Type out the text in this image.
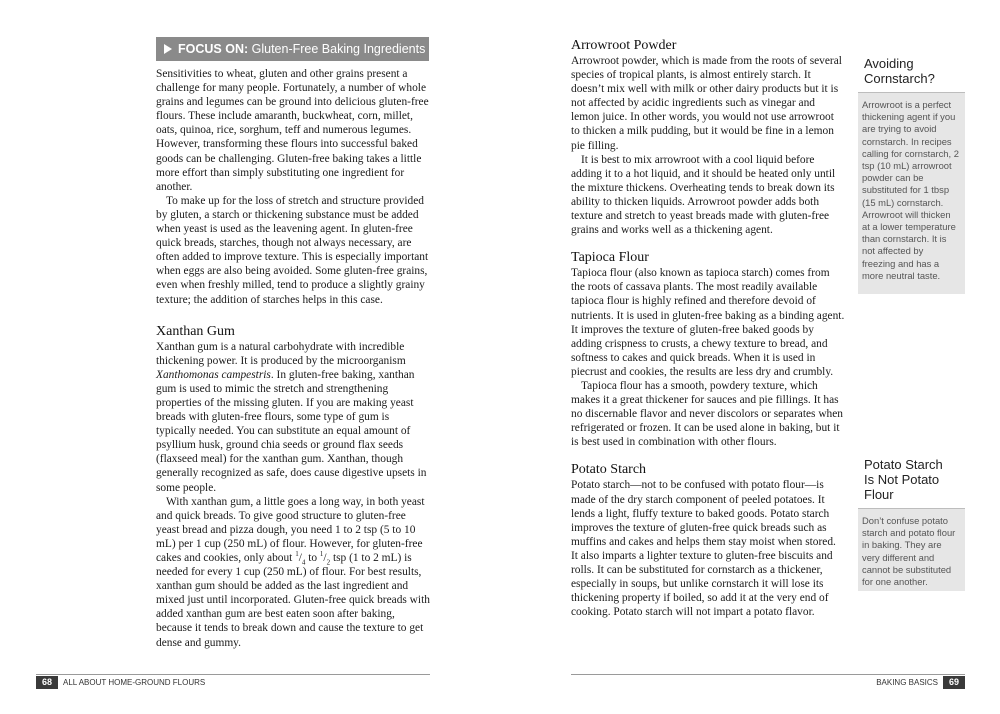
FOCUS ON: Gluten-Free Baking Ingredients

Sensitivities to wheat, gluten and other grains present a challenge for many people. Fortunately, a number of whole grains and legumes can be ground into delicious gluten-free flours. These include amaranth, buckwheat, corn, millet, oats, quinoa, rice, sorghum, teff and numerous legumes. However, transforming these flours into successful baked goods can be challenging. Gluten-free baking takes a little more effort than simply substituting one ingredient for another.

To make up for the loss of stretch and structure provided by gluten, a starch or thickening substance must be added when yeast is used as the leavening agent. In gluten-free quick breads, starches, though not always necessary, are often added to improve texture. This is especially important when eggs are also being avoided. Some gluten-free grains, even when freshly milled, tend to produce a slightly grainy texture; the addition of starches helps in this case.

Xanthan Gum

Xanthan gum is a natural carbohydrate with incredible thickening power. It is produced by the microorganism Xanthomonas campestris. In gluten-free baking, xanthan gum is used to mimic the stretch and strengthening properties of the missing gluten. If you are making yeast breads with gluten-free flours, some type of gum is typically needed. You can substitute an equal amount of psyllium husk, ground chia seeds or ground flax seeds (flaxseed meal) for the xanthan gum. Xanthan, though generally recognized as safe, does cause digestive upsets in some people.

With xanthan gum, a little goes a long way, in both yeast and quick breads. To give good structure to gluten-free yeast bread and pizza dough, you need 1 to 2 tsp (5 to 10 mL) per 1 cup (250 mL) of flour. However, for gluten-free cakes and cookies, only about $^1/_4$ to $^1/_2$ tsp (1 to 2 mL) is needed for every 1 cup (250 mL) of flour. For best results, xanthan gum should be added as the last ingredient and mixed just until incorporated. Gluten-free quick breads with added xanthan gum are best eaten soon after baking, because it tends to break down and cause the texture to get dense and gummy.

Arrowroot Powder

Arrowroot powder, which is made from the roots of several species of tropical plants, is almost entirely starch. It doesn’t mix well with milk or other dairy products but it is not affected by acidic ingredients such as vinegar and lemon juice. In other words, you would not use arrowroot to thicken a milk pudding, but it would be fine in a lemon pie filling.

It is best to mix arrowroot with a cool liquid before adding it to a hot liquid, and it should be heated only until the mixture thickens. Overheating tends to break down its ability to thicken liquids. Arrowroot powder adds both texture and stretch to yeast breads made with gluten-free grains and works well as a thickening agent.

Tapioca Flour

Tapioca flour (also known as tapioca starch) comes from the roots of cassava plants. The most readily available tapioca flour is highly refined and therefore devoid of nutrients. It is used in gluten-free baking as a binding agent. It improves the texture of gluten-free baked goods by adding crispness to crusts, a chewy texture to bread, and softness to cakes and quick breads. When it is used in piecrust and cookies, the results are less dry and crumbly.

Tapioca flour has a smooth, powdery texture, which makes it a great thickener for sauces and pie fillings. It has no discernable flavor and never discolors or separates when refrigerated or frozen. It can be used alone in baking, but it is best used in combination with other flours.

Potato Starch

Potato starch—not to be confused with potato flour—is made of the dry starch component of peeled potatoes. It lends a light, fluffy texture to baked goods. Potato starch improves the texture of gluten-free quick breads such as muffins and cakes and helps them stay moist when stored. It also imparts a lighter texture to gluten-free biscuits and rolls. It can be substituted for cornstarch as a thickener, especially in soups, but unlike cornstarch it will lose its thickening property if boiled, so add it at the very end of cooking. Potato starch will not impart a potato flavor.

Avoiding
Cornstarch?
Arrowroot is a perfect thickening agent if you are trying to avoid cornstarch. In recipes calling for cornstarch, 2 tsp (10 mL) arrowroot powder can be substituted for 1 tbsp (15 mL) cornstarch. Arrowroot will thicken at a lower temperature than cornstarch. It is not affected by freezing and has a more neutral taste.
Potato Starch
Is Not Potato
Flour
Don’t confuse potato starch and potato flour in baking. They are very different and cannot be substituted for one another.
68	ALL ABOUT HOME-GROUND FLOURS	BAKING BASICS	69
